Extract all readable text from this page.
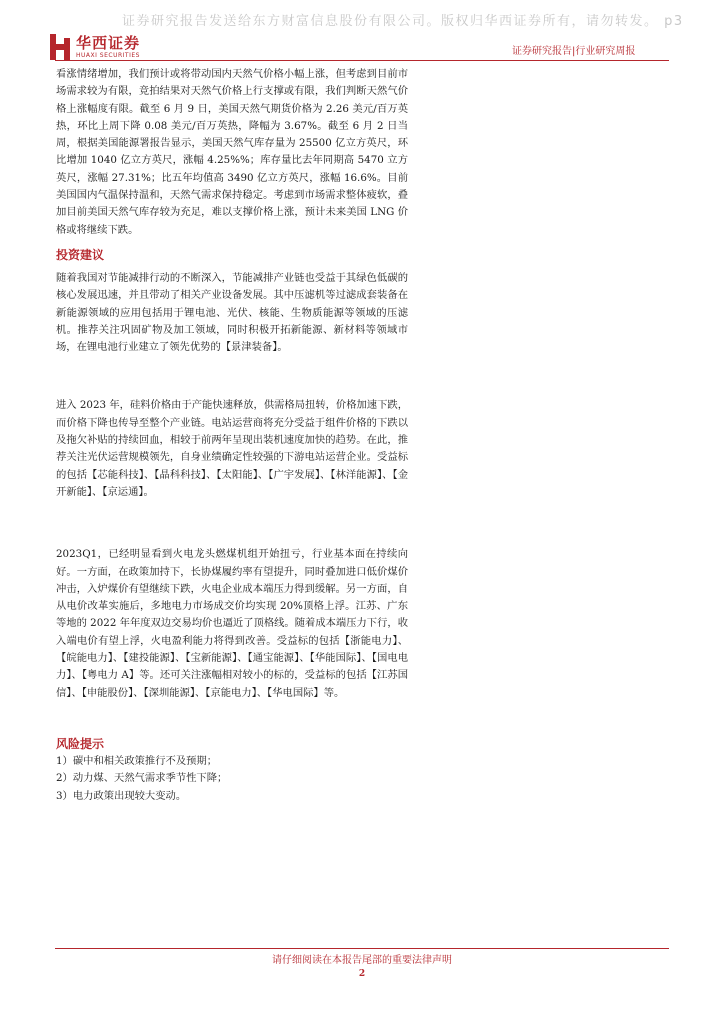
证券研究报告发送给东方财富信息股份有限公司。版权归华西证券所有，请勿转发。 p3
华西证券
HUAXI SECURITIES	证券研究报告|行业研究周报

看涨情绪增加，我们预计或将带动国内天然气价格小幅上涨，但考虑到目前市场需求较为有限，竞拍结果对天然气价格上行支撑或有限，我们判断天然气价格上涨幅度有限。截至 6 月 9 日，美国天然气期货价格为 2.26 美元/百万英热，环比上周下降 0.08 美元/百万英热，降幅为 3.67%。截至 6 月 2 日当周，根据美国能源署报告显示，美国天然气库存量为 25500 亿立方英尺，环比增加 1040 亿立方英尺，涨幅 4.25%%；库存量比去年同期高 5470 立方英尺，涨幅 27.31%；比五年均值高 3490 亿立方英尺，涨幅 16.6%。目前美国国内气温保持温和，天然气需求保持稳定。考虑到市场需求整体疲软，叠加目前美国天然气库存较为充足，难以支撑价格上涨，预计未来美国 LNG 价格或将继续下跌。

投资建议

随着我国对节能减排行动的不断深入，节能减排产业链也受益于其绿色低碳的核心发展迅速，并且带动了相关产业设备发展。其中压滤机等过滤成套装备在新能源领域的应用包括用于锂电池、光伏、核能、生物质能源等领域的压滤机。推荐关注巩固矿物及加工领域，同时积极开拓新能源、新材料等领域市场，在锂电池行业建立了领先优势的【景津装备】。

进入 2023 年，硅料价格由于产能快速释放，供需格局扭转，价格加速下跌，而价格下降也传导至整个产业链。电站运营商将充分受益于组件价格的下跌以及拖欠补贴的持续回血，相较于前两年呈现出装机速度加快的趋势。在此，推荐关注光伏运营规模领先，自身业绩确定性较强的下游电站运营企业。受益标的包括【芯能科技】、【晶科科技】、【太阳能】、【广宇发展】、【林洋能源】、【金开新能】、【京运通】。

2023Q1，已经明显看到火电龙头燃煤机组开始扭亏，行业基本面在持续向好。一方面，在政策加持下，长协煤履约率有望提升，同时叠加进口低价煤价冲击，入炉煤价有望继续下跌，火电企业成本端压力得到缓解。另一方面，自从电价改革实施后，多地电力市场成交价均实现 20%顶格上浮。江苏、广东等地的 2022 年年度双边交易均价也逼近了顶格线。随着成本端压力下行，收入端电价有望上浮，火电盈利能力将得到改善。受益标的包括【浙能电力】、【皖能电力】、【建投能源】、【宝新能源】、【通宝能源】、【华能国际】、【国电电力】、【粤电力 A】等。还可关注涨幅相对较小的标的，受益标的包括【江苏国信】、【申能股份】、【深圳能源】、【京能电力】、【华电国际】等。

风险提示
1）碳中和相关政策推行不及预期；
2）动力煤、天然气需求季节性下降；
3）电力政策出现较大变动。
请仔细阅读在本报告尾部的重要法律声明
2
